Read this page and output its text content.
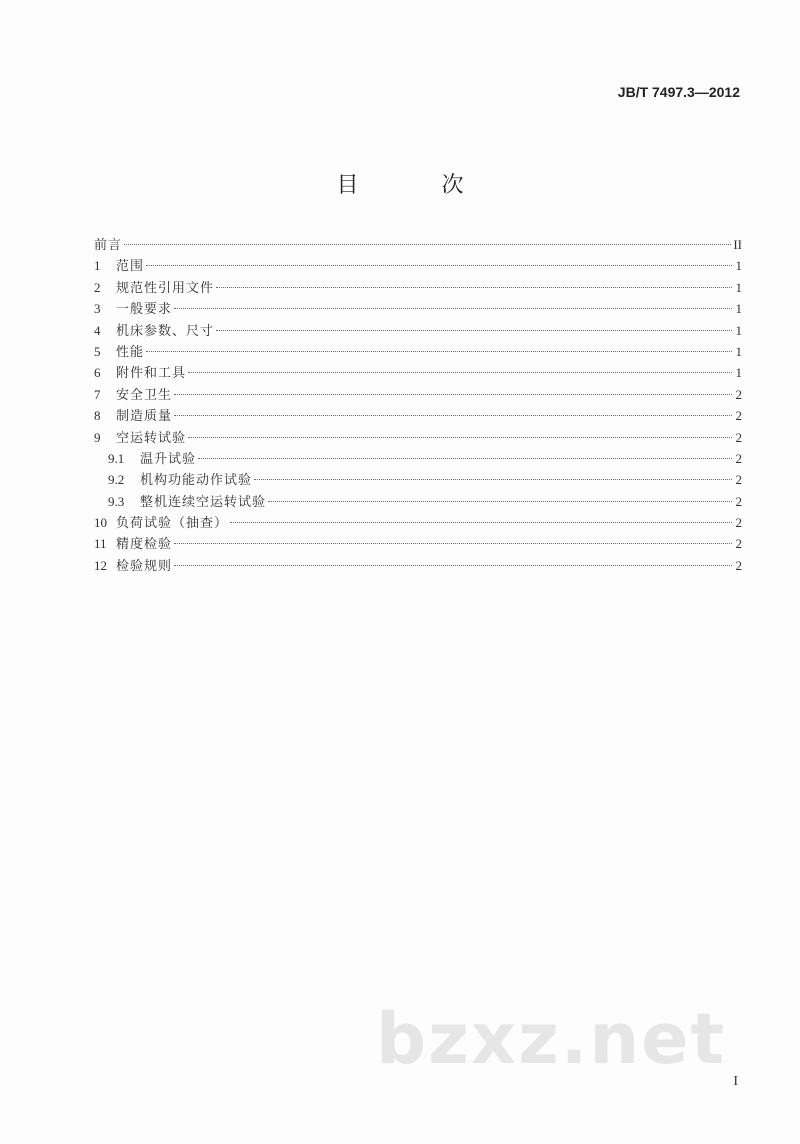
JB/T 7497.3—2012
目 次
前言	II
1	范围	1
2	规范性引用文件	1
3	一般要求	1
4	机床参数、尺寸	1
5	性能	1
6	附件和工具	1
7	安全卫生	2
8	制造质量	2
9	空运转试验	2
9.1	温升试验	2
9.2	机构功能动作试验	2
9.3	整机连续空运转试验	2
10 负荷试验（抽查）	2
11 精度检验	2
12 检验规则	2
bzxz.net
I
